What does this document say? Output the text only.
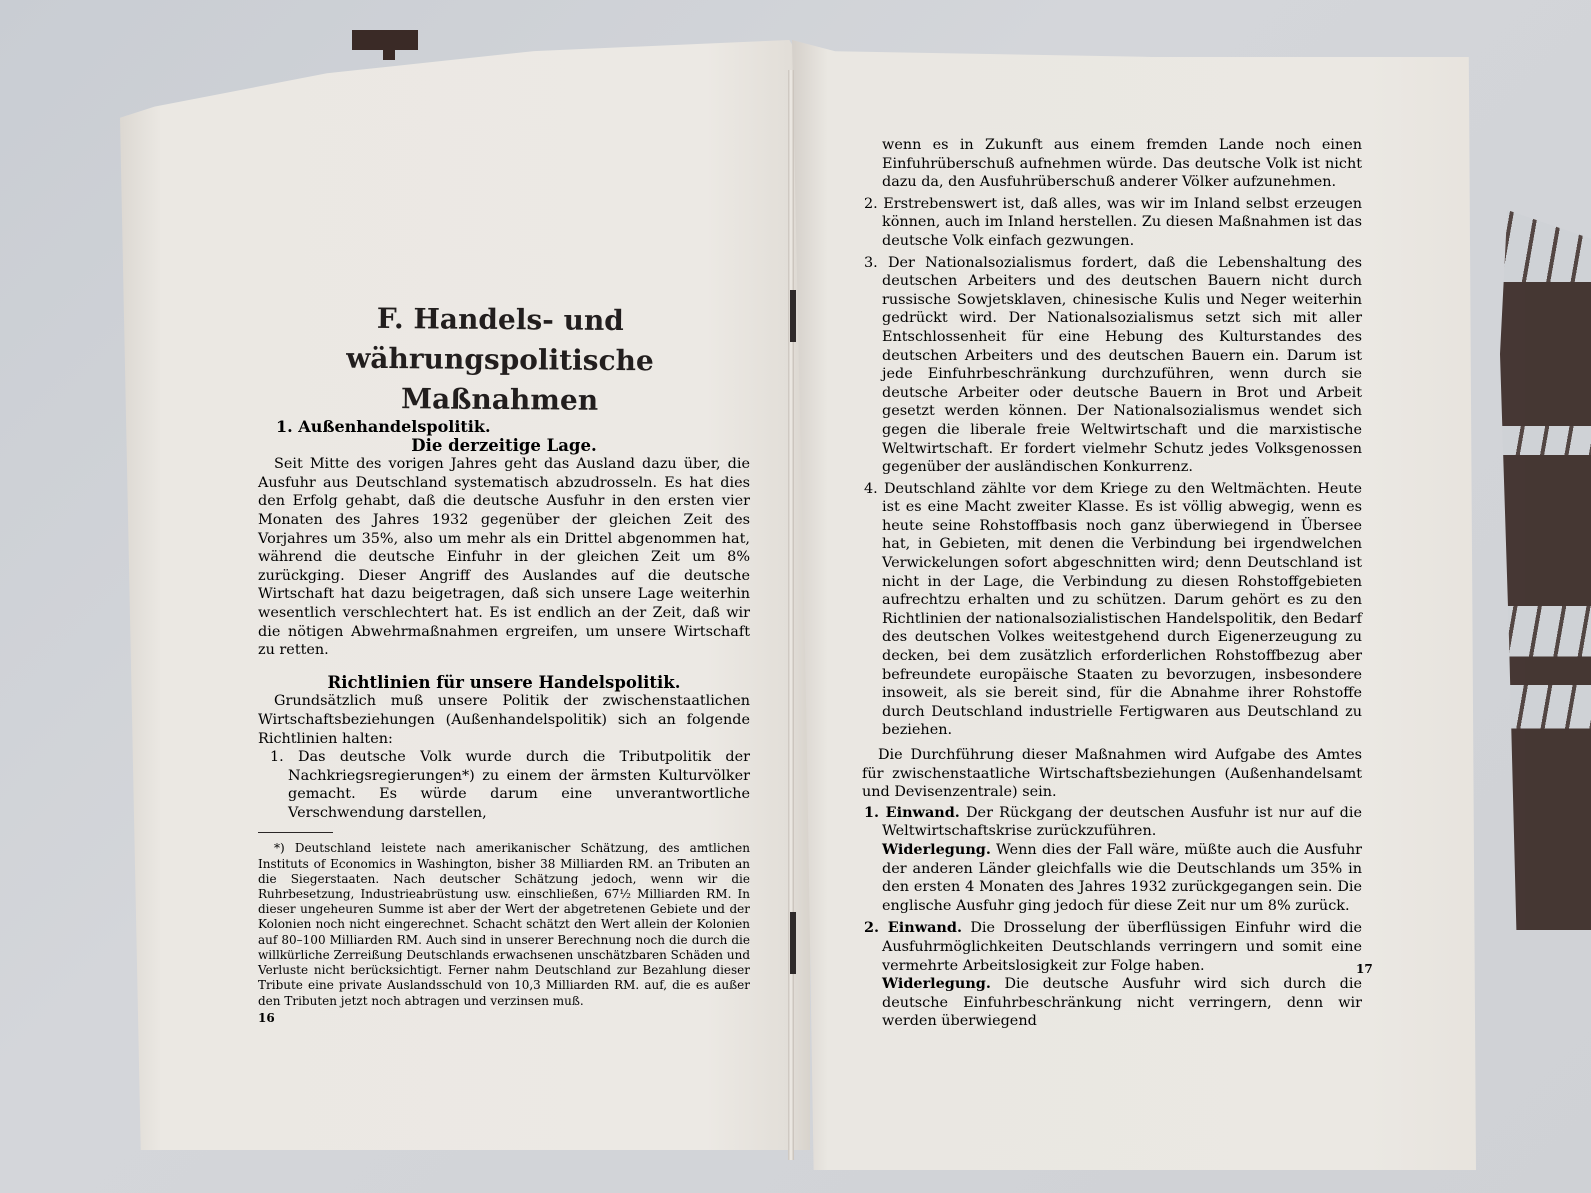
F. Handels- und währungspolitische
Maßnahmen

1. Außenhandelspolitik.

Die derzeitige Lage.

Seit Mitte des vorigen Jahres geht das Ausland dazu über, die Ausfuhr aus Deutschland systematisch abzudrosseln. Es hat dies den Erfolg gehabt, daß die deutsche Ausfuhr in den ersten vier Monaten des Jahres 1932 gegenüber der gleichen Zeit des Vorjahres um 35%, also um mehr als ein Drittel abgenommen hat, während die deutsche Einfuhr in der gleichen Zeit um 8% zurückging. Dieser Angriff des Auslandes auf die deutsche Wirtschaft hat dazu beigetragen, daß sich unsere Lage weiterhin wesentlich verschlechtert hat. Es ist endlich an der Zeit, daß wir die nötigen Abwehrmaßnahmen ergreifen, um unsere Wirtschaft zu retten.

Richtlinien für unsere Handelspolitik.

Grundsätzlich muß unsere Politik der zwischenstaatlichen Wirtschaftsbeziehungen (Außenhandelspolitik) sich an folgende Richtlinien halten:

1. Das deutsche Volk wurde durch die Tributpolitik der Nachkriegsregierungen*) zu einem der ärmsten Kulturvölker gemacht. Es würde darum eine unverantwortliche Verschwendung darstellen,

*) Deutschland leistete nach amerikanischer Schätzung, des amtlichen Instituts of Economics in Washington, bisher 38 Milliarden RM. an Tributen an die Siegerstaaten. Nach deutscher Schätzung jedoch, wenn wir die Ruhrbesetzung, Industrieabrüstung usw. einschließen, 67½ Milliarden RM. In dieser ungeheuren Summe ist aber der Wert der abgetretenen Gebiete und der Kolonien noch nicht eingerechnet. Schacht schätzt den Wert allein der Kolonien auf 80–100 Milliarden RM. Auch sind in unserer Berechnung noch die durch die willkürliche Zerreißung Deutschlands erwachsenen unschätzbaren Schäden und Verluste nicht berücksichtigt. Ferner nahm Deutschland zur Bezahlung dieser Tribute eine private Auslandsschuld von 10,3 Milliarden RM. auf, die es außer den Tributen jetzt noch abtragen und verzinsen muß.

16

wenn es in Zukunft aus einem fremden Lande noch einen Einfuhrüberschuß aufnehmen würde. Das deutsche Volk ist nicht dazu da, den Ausfuhrüberschuß anderer Völker aufzunehmen.

2. Erstrebenswert ist, daß alles, was wir im Inland selbst erzeugen können, auch im Inland herstellen. Zu diesen Maßnahmen ist das deutsche Volk einfach gezwungen.

3. Der Nationalsozialismus fordert, daß die Lebenshaltung des deutschen Arbeiters und des deutschen Bauern nicht durch russische Sowjetsklaven, chinesische Kulis und Neger weiterhin gedrückt wird. Der Nationalsozialismus setzt sich mit aller Entschlossenheit für eine Hebung des Kulturstandes des deutschen Arbeiters und des deutschen Bauern ein. Darum ist jede Einfuhrbeschränkung durchzuführen, wenn durch sie deutsche Arbeiter oder deutsche Bauern in Brot und Arbeit gesetzt werden können. Der Nationalsozialismus wendet sich gegen die liberale freie Weltwirtschaft und die marxistische Weltwirtschaft. Er fordert vielmehr Schutz jedes Volksgenossen gegenüber der ausländischen Konkurrenz.

4. Deutschland zählte vor dem Kriege zu den Weltmächten. Heute ist es eine Macht zweiter Klasse. Es ist völlig abwegig, wenn es heute seine Rohstoffbasis noch ganz überwiegend in Übersee hat, in Gebieten, mit denen die Verbindung bei irgendwelchen Verwickelungen sofort abgeschnitten wird; denn Deutschland ist nicht in der Lage, die Verbindung zu diesen Rohstoffgebieten aufrechtzu erhalten und zu schützen. Darum gehört es zu den Richtlinien der nationalsozialistischen Handelspolitik, den Bedarf des deutschen Volkes weitestgehend durch Eigenerzeugung zu decken, bei dem zusätzlich erforderlichen Rohstoffbezug aber befreundete europäische Staaten zu bevorzugen, insbesondere insoweit, als sie bereit sind, für die Abnahme ihrer Rohstoffe durch Deutschland industrielle Fertigwaren aus Deutschland zu beziehen.

Die Durchführung dieser Maßnahmen wird Aufgabe des Amtes für zwischenstaatliche Wirtschaftsbeziehungen (Außenhandelsamt und Devisenzentrale) sein.

1. Einwand. Der Rückgang der deutschen Ausfuhr ist nur auf die Weltwirtschaftskrise zurückzuführen.

Widerlegung. Wenn dies der Fall wäre, müßte auch die Ausfuhr der anderen Länder gleichfalls wie die Deutschlands um 35% in den ersten 4 Monaten des Jahres 1932 zurückgegangen sein. Die englische Ausfuhr ging jedoch für diese Zeit nur um 8% zurück.

2. Einwand. Die Drosselung der überflüssigen Einfuhr wird die Ausfuhrmöglichkeiten Deutschlands verringern und somit eine vermehrte Arbeitslosigkeit zur Folge haben.

Widerlegung. Die deutsche Ausfuhr wird sich durch die deutsche Einfuhrbeschränkung nicht verringern, denn wir werden überwiegend

17
